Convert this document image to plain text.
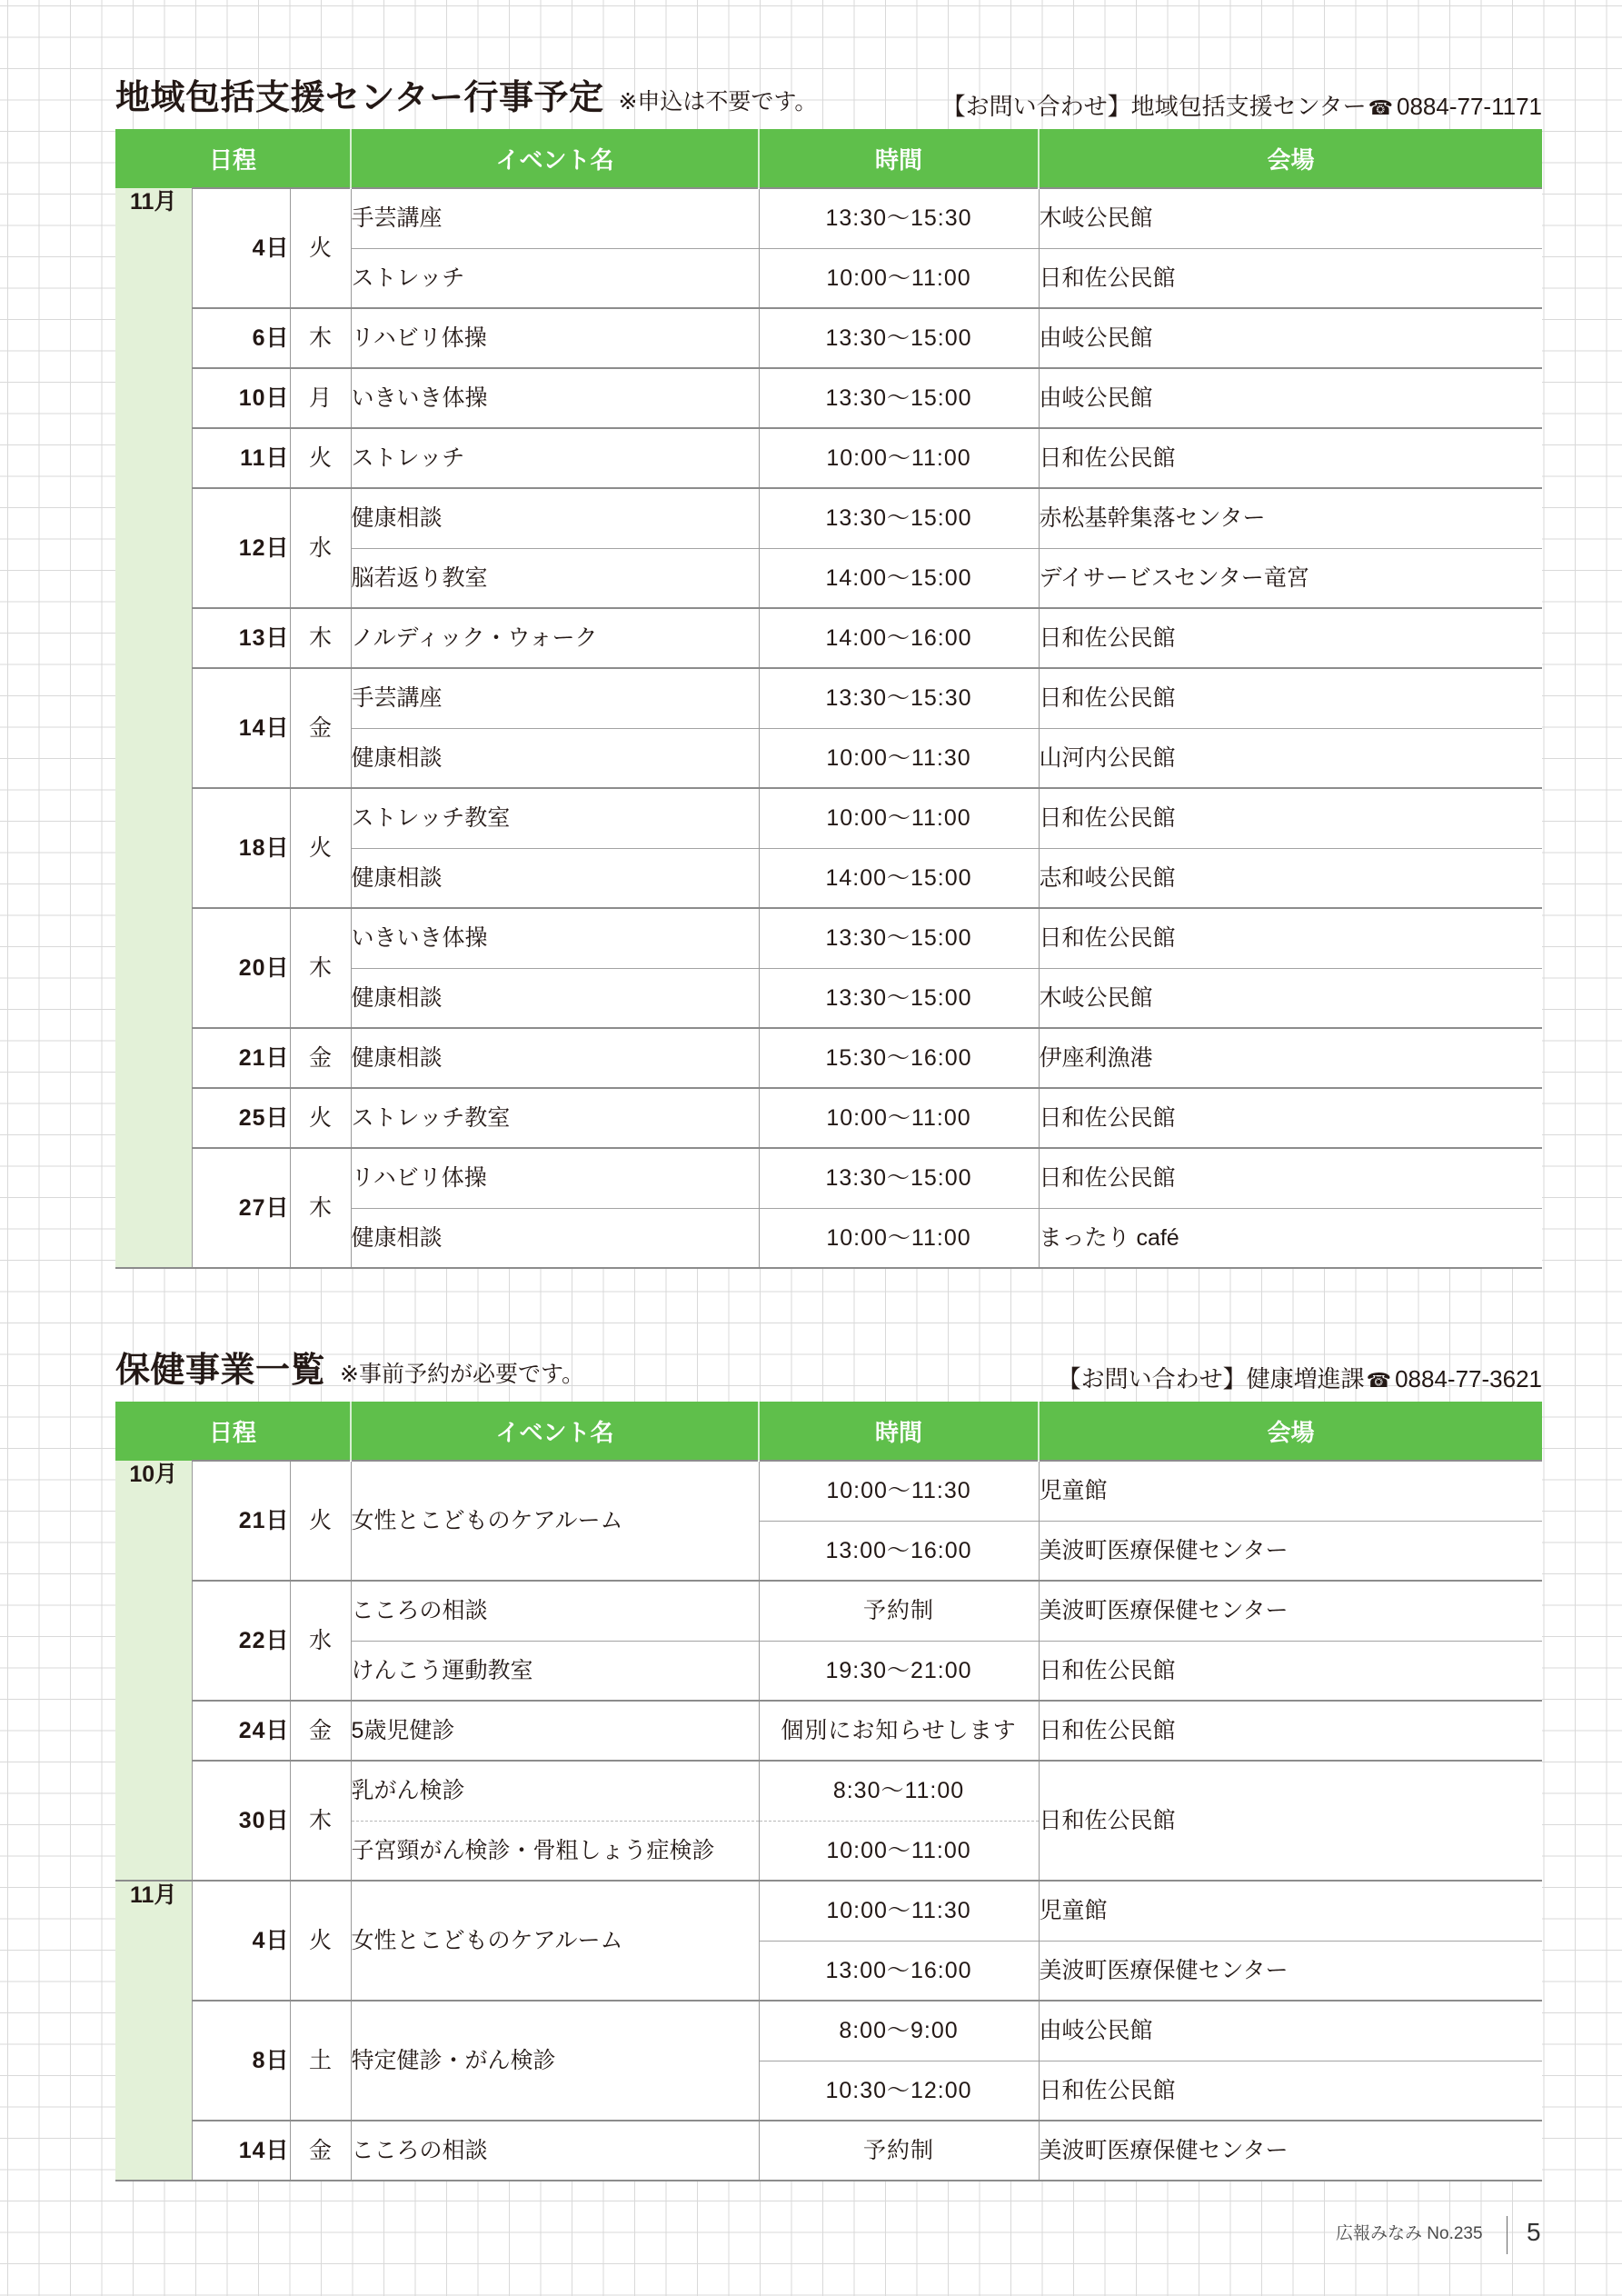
地域包括支援センター行事予定 ※申込は不要です。	【お問い合わせ】地域包括支援センター☎ 0884-77-1171
日程			イベント名	時間	会場
11月	4日	火	手芸講座	13:30～15:30	木岐公民館
			ストレッチ	10:00～11:00	日和佐公民館
	6日	木	リハビリ体操	13:30～15:00	由岐公民館
	10日	月	いきいき体操	13:30～15:00	由岐公民館
	11日	火	ストレッチ	10:00～11:00	日和佐公民館
	12日	水	健康相談	13:30～15:00	赤松基幹集落センター
			脳若返り教室	14:00～15:00	デイサービスセンター竜宮
	13日	木	ノルディック・ウォーク	14:00～16:00	日和佐公民館
	14日	金	手芸講座	13:30～15:30	日和佐公民館
			健康相談	10:00～11:30	山河内公民館
	18日	火	ストレッチ教室	10:00～11:00	日和佐公民館
			健康相談	14:00～15:00	志和岐公民館
	20日	木	いきいき体操	13:30～15:00	日和佐公民館
			健康相談	13:30～15:00	木岐公民館
	21日	金	健康相談	15:30～16:00	伊座利漁港
	25日	火	ストレッチ教室	10:00～11:00	日和佐公民館
	27日	木	リハビリ体操	13:30～15:00	日和佐公民館
			健康相談	10:00～11:00	まったり café
保健事業一覧 ※事前予約が必要です。	【お問い合わせ】健康増進課☎ 0884-77-3621
日程			イベント名	時間	会場
10月	21日	火	女性とこどものケアルーム	10:00～11:30	児童館
				13:00～16:00	美波町医療保健センター
	22日	水	こころの相談	予約制	美波町医療保健センター
			けんこう運動教室	19:30～21:00	日和佐公民館
	24日	金	5歳児健診	個別にお知らせします	日和佐公民館
	30日	木	乳がん検診	8:30～11:00	日和佐公民館
			子宮頸がん検診・骨粗しょう症検診	10:00～11:00	
11月	4日	火	女性とこどものケアルーム	10:00～11:30	児童館
				13:00～16:00	美波町医療保健センター
	8日	土	特定健診・がん検診	8:00～9:00	由岐公民館
				10:30～12:00	日和佐公民館
	14日	金	こころの相談	予約制	美波町医療保健センター
広報みなみ No.235 5
